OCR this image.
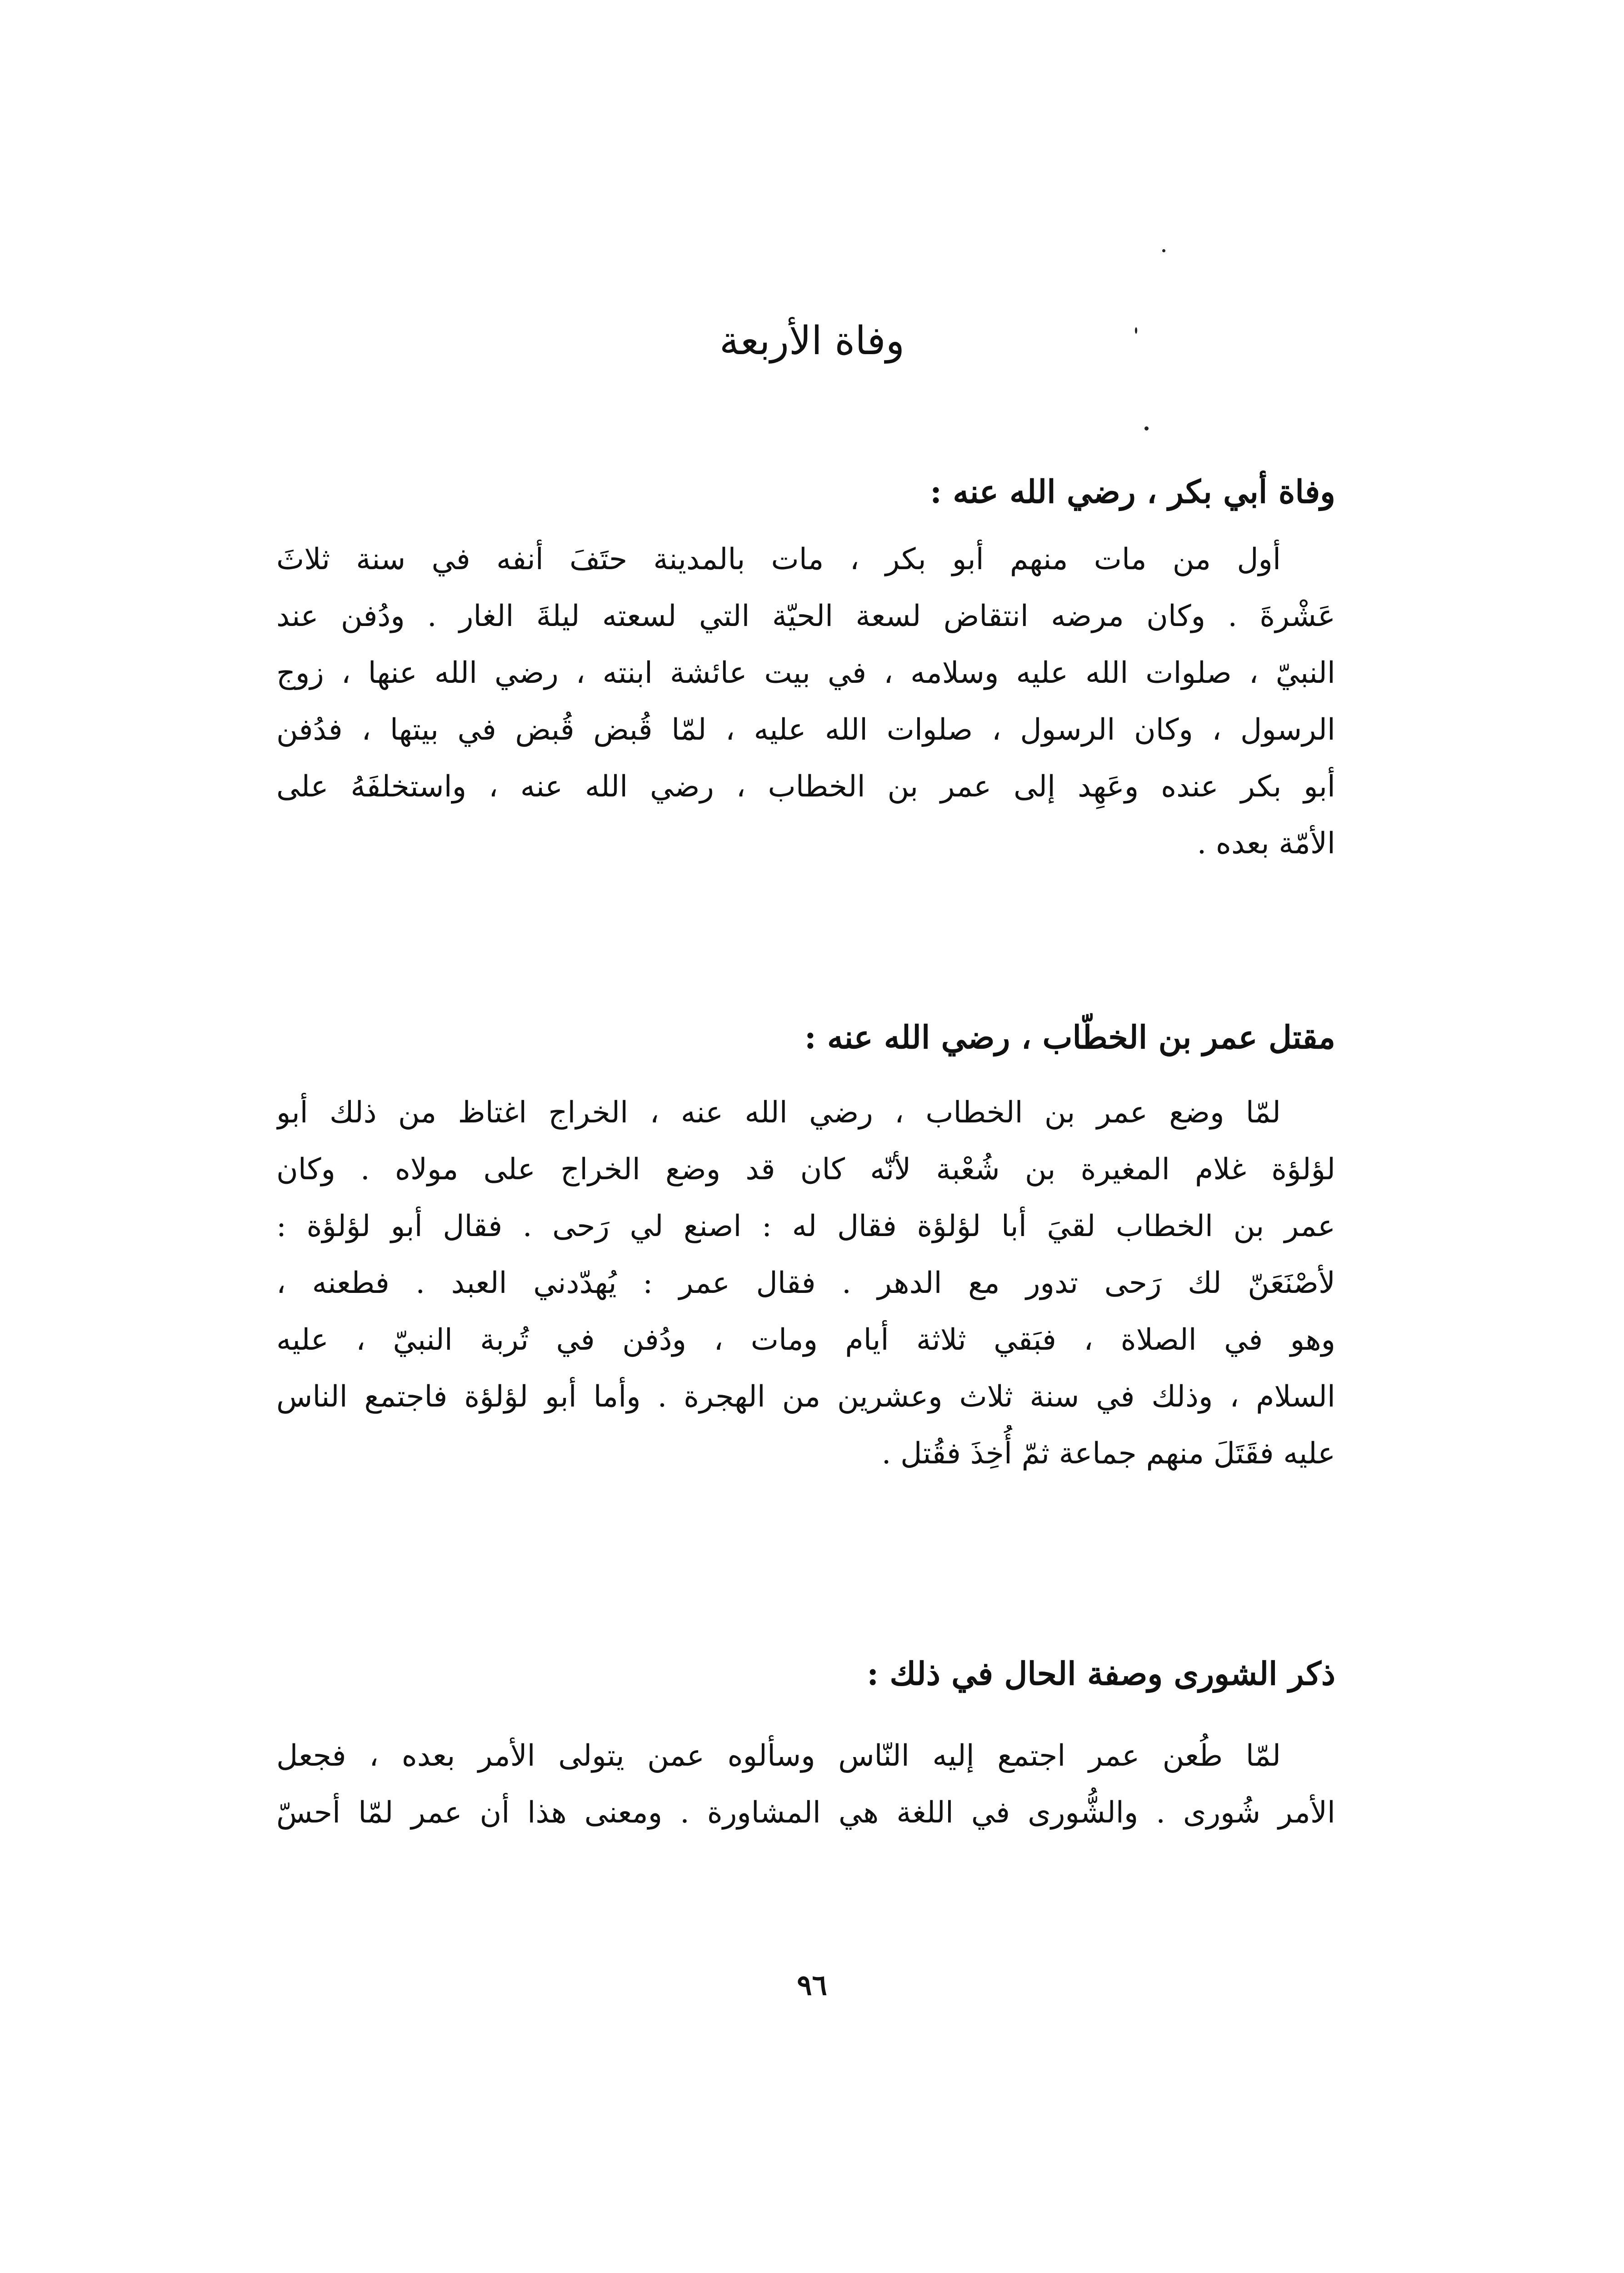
وفاة الأربعة
وفاة أبي بكر ، رضي الله عنه :
أول من مات منهم أبو بكر ، مات بالمدينة حتَفَ أنفه في سنة ثلاثَ
عَشْرةَ . وكان مرضه انتقاض لسعة الحيّة التي لسعته ليلةَ الغار . ودُفن عند
النبيّ ، صلوات الله عليه وسلامه ، في بيت عائشة ابنته ، رضي الله عنها ، زوج
الرسول ، وكان الرسول ، صلوات الله عليه ، لمّا قُبض قُبض في بيتها ، فدُفن
أبو بكر عنده وعَهِد إلى عمر بن الخطاب ، رضي الله عنه ، واستخلفَهُ على
الأمّة بعده .
مقتل عمر بن الخطّاب ، رضي الله عنه :
لمّا وضع عمر بن الخطاب ، رضي الله عنه ، الخراج اغتاظ من ذلك أبو
لؤلؤة غلام المغيرة بن شُعْبة لأنّه كان قد وضع الخراج على مولاه . وكان
عمر بن الخطاب لقيَ أبا لؤلؤة فقال له : اصنع لي رَحى . فقال أبو لؤلؤة :
لأصْنَعَنّ لك رَحى تدور مع الدهر . فقال عمر : يُهدّدني العبد . فطعنه ،
وهو في الصلاة ، فبَقي ثلاثة أيام ومات ، ودُفن في تُربة النبيّ ، عليه
السلام ، وذلك في سنة ثلاث وعشرين من الهجرة . وأما أبو لؤلؤة فاجتمع الناس
عليه فقَتَلَ منهم جماعة ثمّ أُخِذَ فقُتل .
ذكر الشورى وصفة الحال في ذلك :
لمّا طُعن عمر اجتمع إليه النّاس وسألوه عمن يتولى الأمر بعده ، فجعل
الأمر شُورى . والشُّورى في اللغة هي المشاورة . ومعنى هذا أن عمر لمّا أحسّ
٩٦
